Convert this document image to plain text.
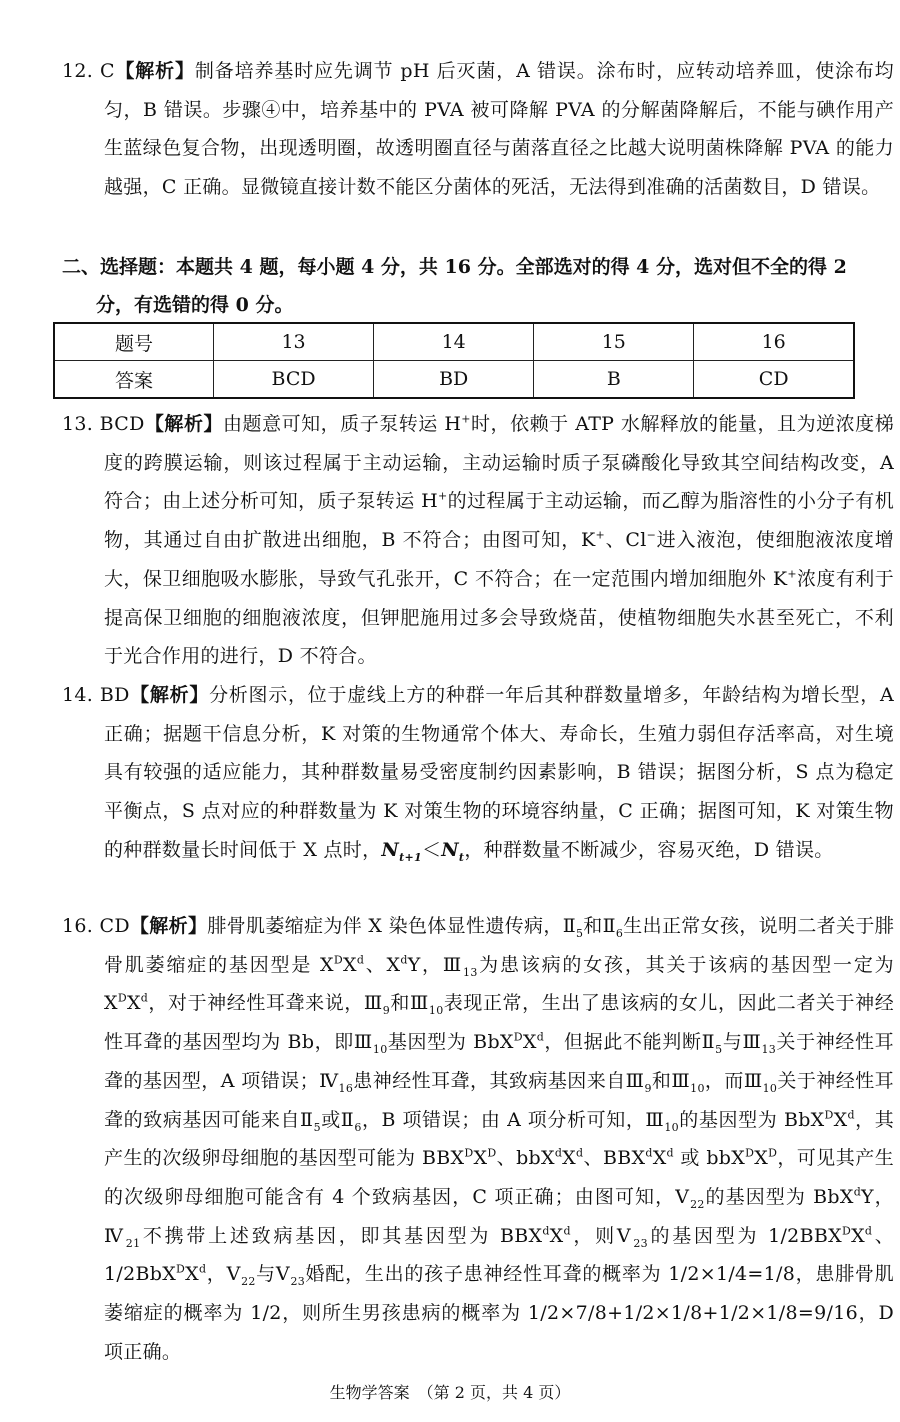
12. C【解析】制备培养基时应先调节 pH 后灭菌，A 错误。涂布时，应转动培养皿，使涂布均匀，B 错误。步骤④中，培养基中的 PVA 被可降解 PVA 的分解菌降解后，不能与碘作用产生蓝绿色复合物，出现透明圈，故透明圈直径与菌落直径之比越大说明菌株降解 PVA 的能力越强，C 正确。显微镜直接计数不能区分菌体的死活，无法得到准确的活菌数目，D 错误。
二、选择题：本题共 4 题，每小题 4 分，共 16 分。全部选对的得 4 分，选对但不全的得 2
分，有选错的得 0 分。
题号	13	14	15	16
答案	BCD	BD	B	CD
13. BCD【解析】由题意可知，质子泵转运 H+时，依赖于 ATP 水解释放的能量，且为逆浓度梯度的跨膜运输，则该过程属于主动运输，主动运输时质子泵磷酸化导致其空间结构改变，A 符合；由上述分析可知，质子泵转运 H+的过程属于主动运输，而乙醇为脂溶性的小分子有机物，其通过自由扩散进出细胞，B 不符合；由图可知，K+、Cl−进入液泡，使细胞液浓度增大，保卫细胞吸水膨胀，导致气孔张开，C 不符合；在一定范围内增加细胞外 K+浓度有利于提高保卫细胞的细胞液浓度，但钾肥施用过多会导致烧苗，使植物细胞失水甚至死亡，不利于光合作用的进行，D 不符合。
14. BD【解析】分析图示，位于虚线上方的种群一年后其种群数量增多，年龄结构为增长型，A 正确；据题干信息分析，K 对策的生物通常个体大、寿命长，生殖力弱但存活率高，对生境具有较强的适应能力，其种群数量易受密度制约因素影响，B 错误；据图分析，S 点为稳定平衡点，S 点对应的种群数量为 K 对策生物的环境容纳量，C 正确；据图可知，K 对策生物的种群数量长时间低于 X 点时，$N_{t+1}<N_t$，种群数量不断减少，容易灭绝，D 错误。
16. CD【解析】腓骨肌萎缩症为伴 X 染色体显性遗传病，$Ⅱ_5$和$Ⅱ_6$生出正常女孩，说明二者关于腓骨肌萎缩症的基因型是 $X^DX^d$、$X^dY$，$Ⅲ_{13}$为患该病的女孩，其关于该病的基因型一定为 $X^DX^d$，对于神经性耳聋来说，$Ⅲ_9$和$Ⅲ_{10}$表现正常，生出了患该病的女儿，因此二者关于神经性耳聋的基因型均为 Bb，即$Ⅲ_{10}$基因型为 $BbX^DX^d$，但据此不能判断$Ⅱ_5$与$Ⅲ_{13}$关于神经性耳聋的基因型，A 项错误；$Ⅳ_{16}$患神经性耳聋，其致病基因来自$Ⅲ_9$和$Ⅲ_{10}$，而$Ⅲ_{10}$关于神经性耳聋的致病基因可能来自$Ⅱ_5$或$Ⅱ_6$，B 项错误；由 A 项分析可知，$Ⅲ_{10}$的基因型为 $BbX^DX^d$，其产生的次级卵母细胞的基因型可能为 $BBX^DX^D$、$bbX^dX^d$、$BBX^dX^d$ 或 $bbX^DX^D$，可见其产生的次级卵母细胞可能含有 4 个致病基因，C 项正确；由图可知，$Ⅴ_{22}$的基因型为 BbX$^d$Y，$Ⅳ_{21}$不携带上述致病基因，即其基因型为 $BBX^dX^d$，则$Ⅴ_{23}$的基因型为 $1/2BBX^DX^d$、$1/2BbX^DX^d$，$Ⅴ_{22}$与$Ⅴ_{23}$婚配，生出的孩子患神经性耳聋的概率为 1/2×1/4=1/8，患腓骨肌萎缩症的概率为 1/2，则所生男孩患病的概率为 1/2×7/8+1/2×1/8+1/2×1/8=9/16，D 项正确。
生物学答案　（第 2 页，共 4 页）
